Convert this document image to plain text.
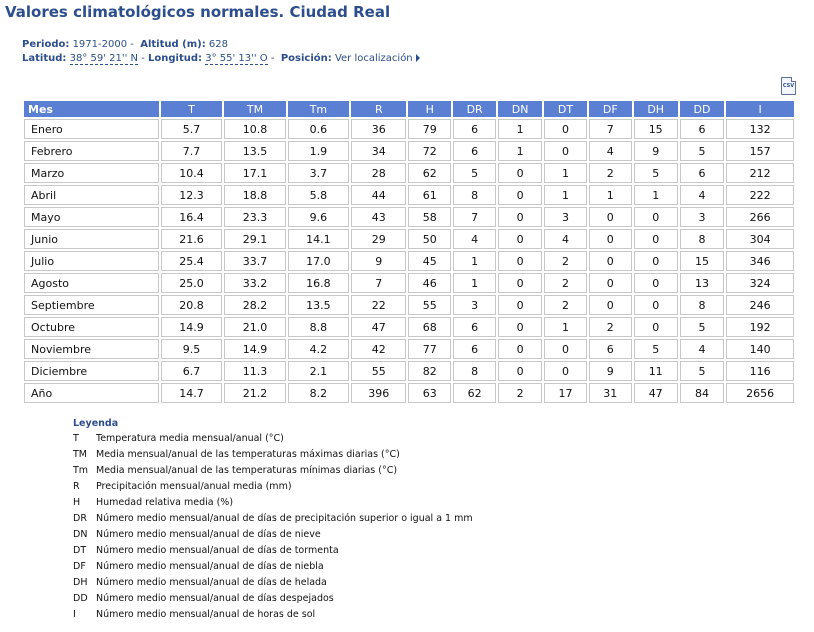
Valores climatológicos normales. Ciudad Real
Periodo: 1971-2000 - Altitud (m): 628
Latitud: 38° 59' 21'' N - Longitud: 3° 55' 13'' O - Posición: Ver localización
CSV
Mes	T	TM	Tm	R	H	DR	DN	DT	DF	DH	DD	I
Enero	5.7	10.8	0.6	36	79	6	1	0	7	15	6	132
Febrero	7.7	13.5	1.9	34	72	6	1	0	4	9	5	157
Marzo	10.4	17.1	3.7	28	62	5	0	1	2	5	6	212
Abril	12.3	18.8	5.8	44	61	8	0	1	1	1	4	222
Mayo	16.4	23.3	9.6	43	58	7	0	3	0	0	3	266
Junio	21.6	29.1	14.1	29	50	4	0	4	0	0	8	304
Julio	25.4	33.7	17.0	9	45	1	0	2	0	0	15	346
Agosto	25.0	33.2	16.8	7	46	1	0	2	0	0	13	324
Septiembre	20.8	28.2	13.5	22	55	3	0	2	0	0	8	246
Octubre	14.9	21.0	8.8	47	68	6	0	1	2	0	5	192
Noviembre	9.5	14.9	4.2	42	77	6	0	0	6	5	4	140
Diciembre	6.7	11.3	2.1	55	82	8	0	0	9	11	5	116
Año	14.7	21.2	8.2	396	63	62	2	17	31	47	84	2656
Leyenda
T Temperatura media mensual/anual (°C)
TM Media mensual/anual de las temperaturas máximas diarias (°C)
Tm Media mensual/anual de las temperaturas mínimas diarias (°C)
R Precipitación mensual/anual media (mm)
H Humedad relativa media (%)
DR Número medio mensual/anual de días de precipitación superior o igual a 1 mm
DN Número medio mensual/anual de días de nieve
DT Número medio mensual/anual de días de tormenta
DF Número medio mensual/anual de días de niebla
DH Número medio mensual/anual de días de helada
DD Número medio mensual/anual de días despejados
I Número medio mensual/anual de horas de sol
